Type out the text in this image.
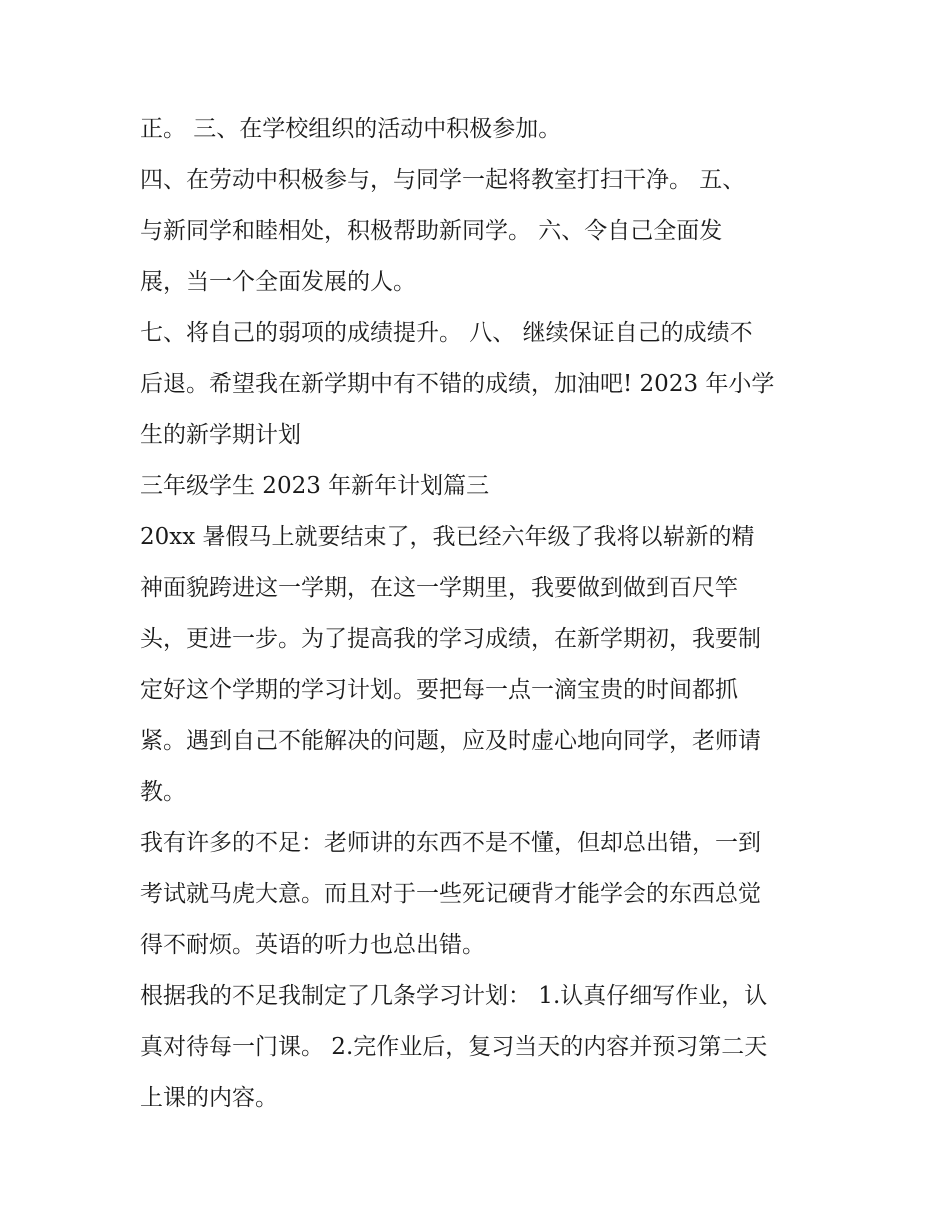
正。 三、在学校组织的活动中积极参加。
四、在劳动中积极参与，与同学一起将教室打扫干净。 五、
与新同学和睦相处，积极帮助新同学。 六、令自己全面发
展，当一个全面发展的人。
七、将自己的弱项的成绩提升。 八、 继续保证自己的成绩不
后退。希望我在新学期中有不错的成绩，加油吧! 2023 年小学
生的新学期计划
三年级学生 2023 年新年计划篇三
20xx 暑假马上就要结束了，我已经六年级了我将以崭新的精
神面貌跨进这一学期，在这一学期里，我要做到做到百尺竿
头，更进一步。为了提高我的学习成绩，在新学期初，我要制
定好这个学期的学习计划。要把每一点一滴宝贵的时间都抓
紧。遇到自己不能解决的问题，应及时虚心地向同学，老师请
教。
我有许多的不足：老师讲的东西不是不懂，但却总出错，一到
考试就马虎大意。而且对于一些死记硬背才能学会的东西总觉
得不耐烦。英语的听力也总出错。
根据我的不足我制定了几条学习计划： 1.认真仔细写作业，认
真对待每一门课。 2.完作业后，复习当天的内容并预习第二天
上课的内容。
